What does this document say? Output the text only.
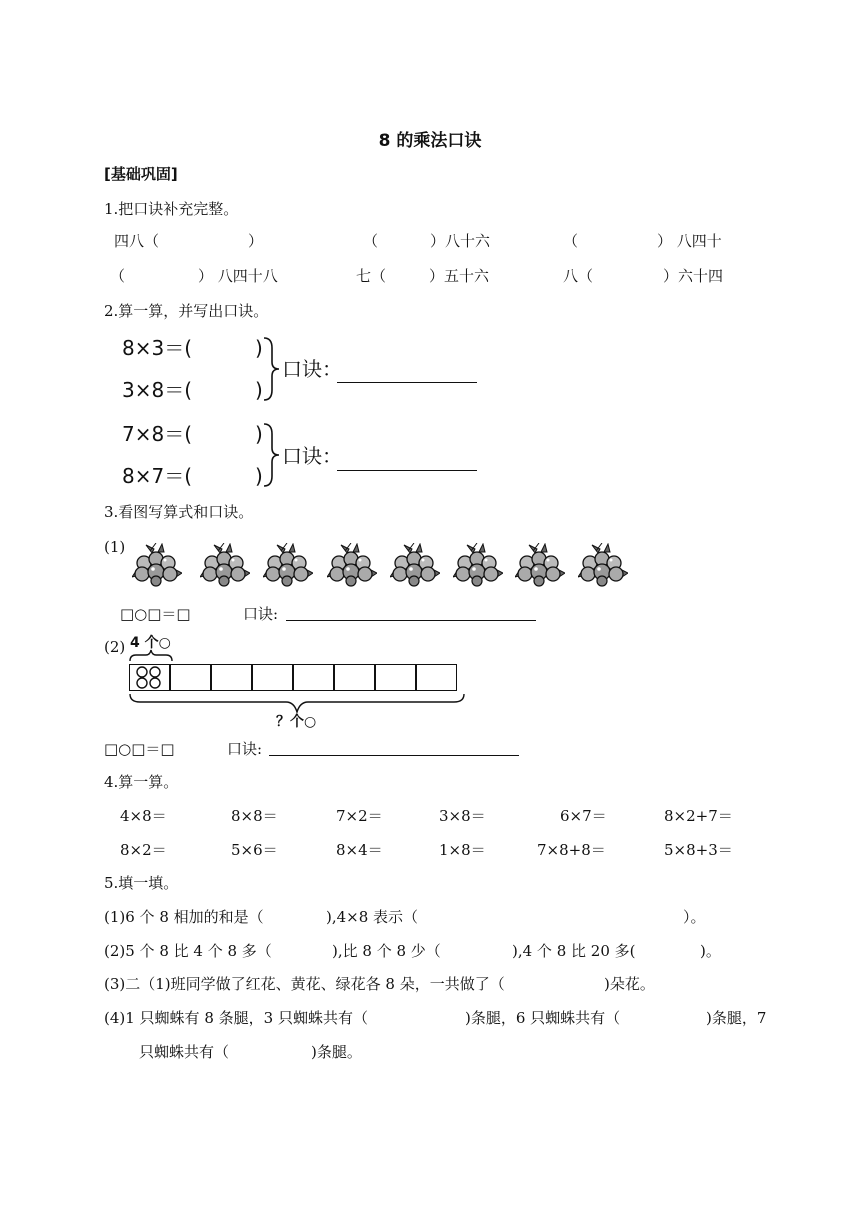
8 的乘法口诀
[基础巩固]
1.把口诀补充完整。
四八（	）	（	）八十六	（	） 八四十
（	） 八四十八	七（	）五十六	八（	）六十四
2.算一算，并写出口诀。
8×3＝(	)
3×8＝(	)
口诀：
7×8＝(	)
8×7＝(	)
口诀：
3.看图写算式和口诀。
(1)
□○□＝□	口诀:
(2) 4 个○
？个○
□○□＝□	口诀:
4.算一算。
4×8＝	8×8＝	7×2＝	3×8＝	6×7＝	8×2+7＝
8×2＝	5×6＝	8×4＝	1×8＝	7×8+8＝	5×8+3＝
5.填一填。
(1)6 个 8 相加的和是（	),4×8 表示（	）。
(2)5 个 8 比 4 个 8 多（	),比 8 个 8 少（	),4 个 8 比 20 多(	)。
(3)二（1)班同学做了红花、黄花、绿花各 8 朵，一共做了（	)朵花。
(4)1 只蜘蛛有 8 条腿，3 只蜘蛛共有（	)条腿，6 只蜘蛛共有（	)条腿，7
只蜘蛛共有（	)条腿。
